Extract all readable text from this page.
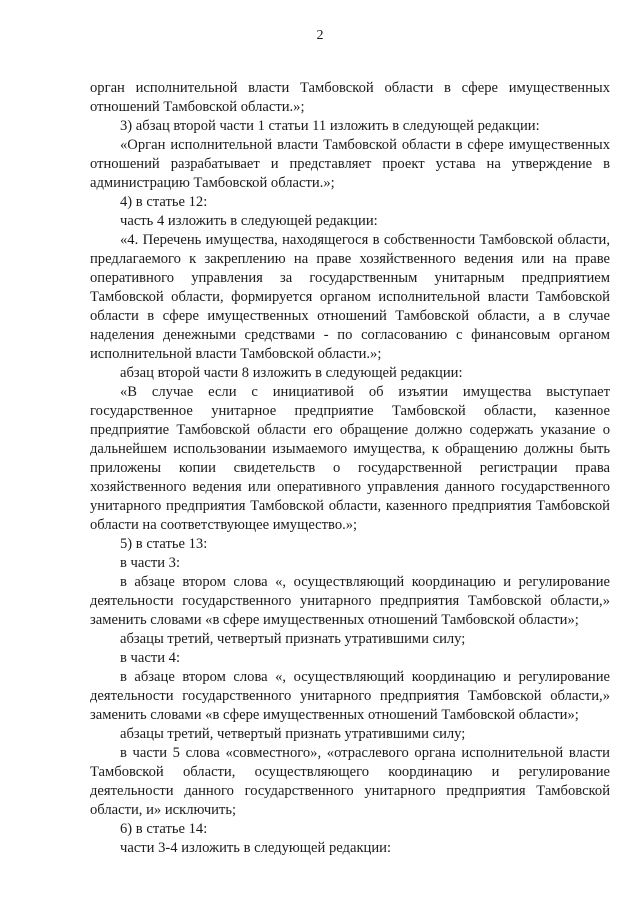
2

орган исполнительной власти Тамбовской области в сфере имущественных отношений Тамбовской области.»;

3) абзац второй части 1 статьи 11 изложить в следующей редакции:

«Орган исполнительной власти Тамбовской области в сфере имущественных отношений разрабатывает и представляет проект устава на утверждение в администрацию Тамбовской области.»;

4) в статье 12:

часть 4 изложить в следующей редакции:

«4. Перечень имущества, находящегося в собственности Тамбовской области, предлагаемого к закреплению на праве хозяйственного ведения или на праве оперативного управления за государственным унитарным предприятием Тамбовской области, формируется органом исполнительной власти Тамбовской области в сфере имущественных отношений Тамбовской области, а в случае наделения денежными средствами - по согласованию с финансовым органом исполнительной власти Тамбовской области.»;

абзац второй части 8 изложить в следующей редакции:

«В случае если с инициативой об изъятии имущества выступает государственное унитарное предприятие Тамбовской области, казенное предприятие Тамбовской области его обращение должно содержать указание о дальнейшем использовании изымаемого имущества, к обращению должны быть приложены копии свидетельств о государственной регистрации права хозяйственного ведения или оперативного управления данного государственного унитарного предприятия Тамбовской области, казенного предприятия Тамбовской области на соответствующее имущество.»;

5) в статье 13:

в части 3:

в абзаце втором слова «, осуществляющий координацию и регулирование деятельности государственного унитарного предприятия Тамбовской области,» заменить словами «в сфере имущественных отношений Тамбовской области»;

абзацы третий, четвертый признать утратившими силу;

в части 4:

в абзаце втором слова «, осуществляющий координацию и регулирование деятельности государственного унитарного предприятия Тамбовской области,» заменить словами «в сфере имущественных отношений Тамбовской области»;

абзацы третий, четвертый признать утратившими силу;

в части 5 слова «совместного», «отраслевого органа исполнительной власти Тамбовской области, осуществляющего координацию и регулирование деятельности данного государственного унитарного предприятия Тамбовской области, и» исключить;

6) в статье 14:

части 3-4 изложить в следующей редакции:
